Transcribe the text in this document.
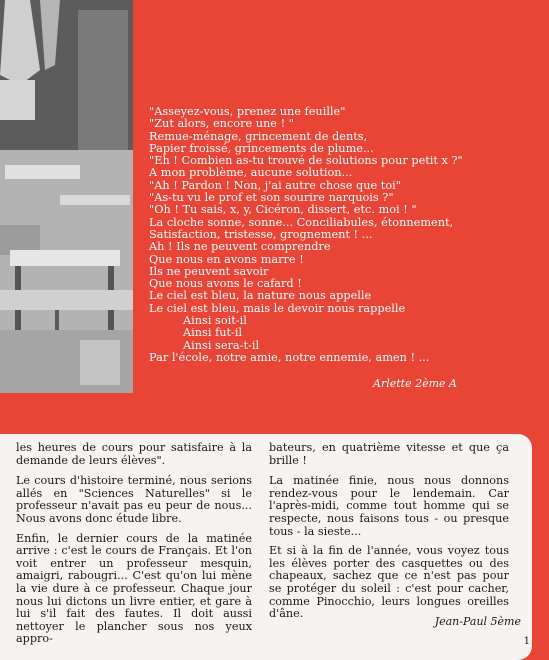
"Asseyez-vous, prenez une feuille"
"Zut alors, encore une ! "
Remue-ménage, grincement de dents,
Papier froissé, grincements de plume...
"Eh ! Combien as-tu trouvé de solutions pour petit x ?"
A mon problème, aucune solution...
"Ah ! Pardon ! Non, j'ai autre chose que toi"
"As-tu vu le prof et son sourire narquois ?"
"Oh ! Tu sais, x, y, Cicéron, dissert, etc. moi ! "
La cloche sonne, sonne... Conciliabules, étonnement,
Satisfaction, tristesse, grognement ! ...
Ah ! Ils ne peuvent comprendre
Que nous en avons marre !
Ils ne peuvent savoir
Que nous avons le cafard !
Le ciel est bleu, la nature nous appelle
Le ciel est bleu, mais le devoir nous rappelle
Ainsi soit-il
Ainsi fut-il
Ainsi sera-t-il
Par l'école, notre amie, notre ennemie, amen ! ...
Arlette 2ème A

les heures de cours pour satisfaire à la demande de leurs élèves".

Le cours d'histoire terminé, nous serions allés en "Sciences Naturelles" si le professeur n'avait pas eu peur de nous... Nous avons donc étude libre.

Enfin, le dernier cours de la matinée arrive : c'est le cours de Français. Et l'on voit entrer un professeur mesquin, amaigri, rabougri... C'est qu'on lui mène la vie dure à ce professeur. Chaque jour nous lui dictons un livre entier, et gare à lui s'il fait des fautes. Il doit aussi nettoyer le plancher sous nos yeux appro-

bateurs, en quatrième vitesse et que ça brille !

La matinée finie, nous nous donnons rendez-vous pour le lendemain. Car l'après-midi, comme tout homme qui se respecte, nous faisons tous - ou presque tous - la sieste...

Et si à la fin de l'année, vous voyez tous les élèves porter des casquettes ou des chapeaux, sachez que ce n'est pas pour se protéger du soleil : c'est pour cacher, comme Pinocchio, leurs longues oreilles d'âne.

Jean-Paul 5ème
1
